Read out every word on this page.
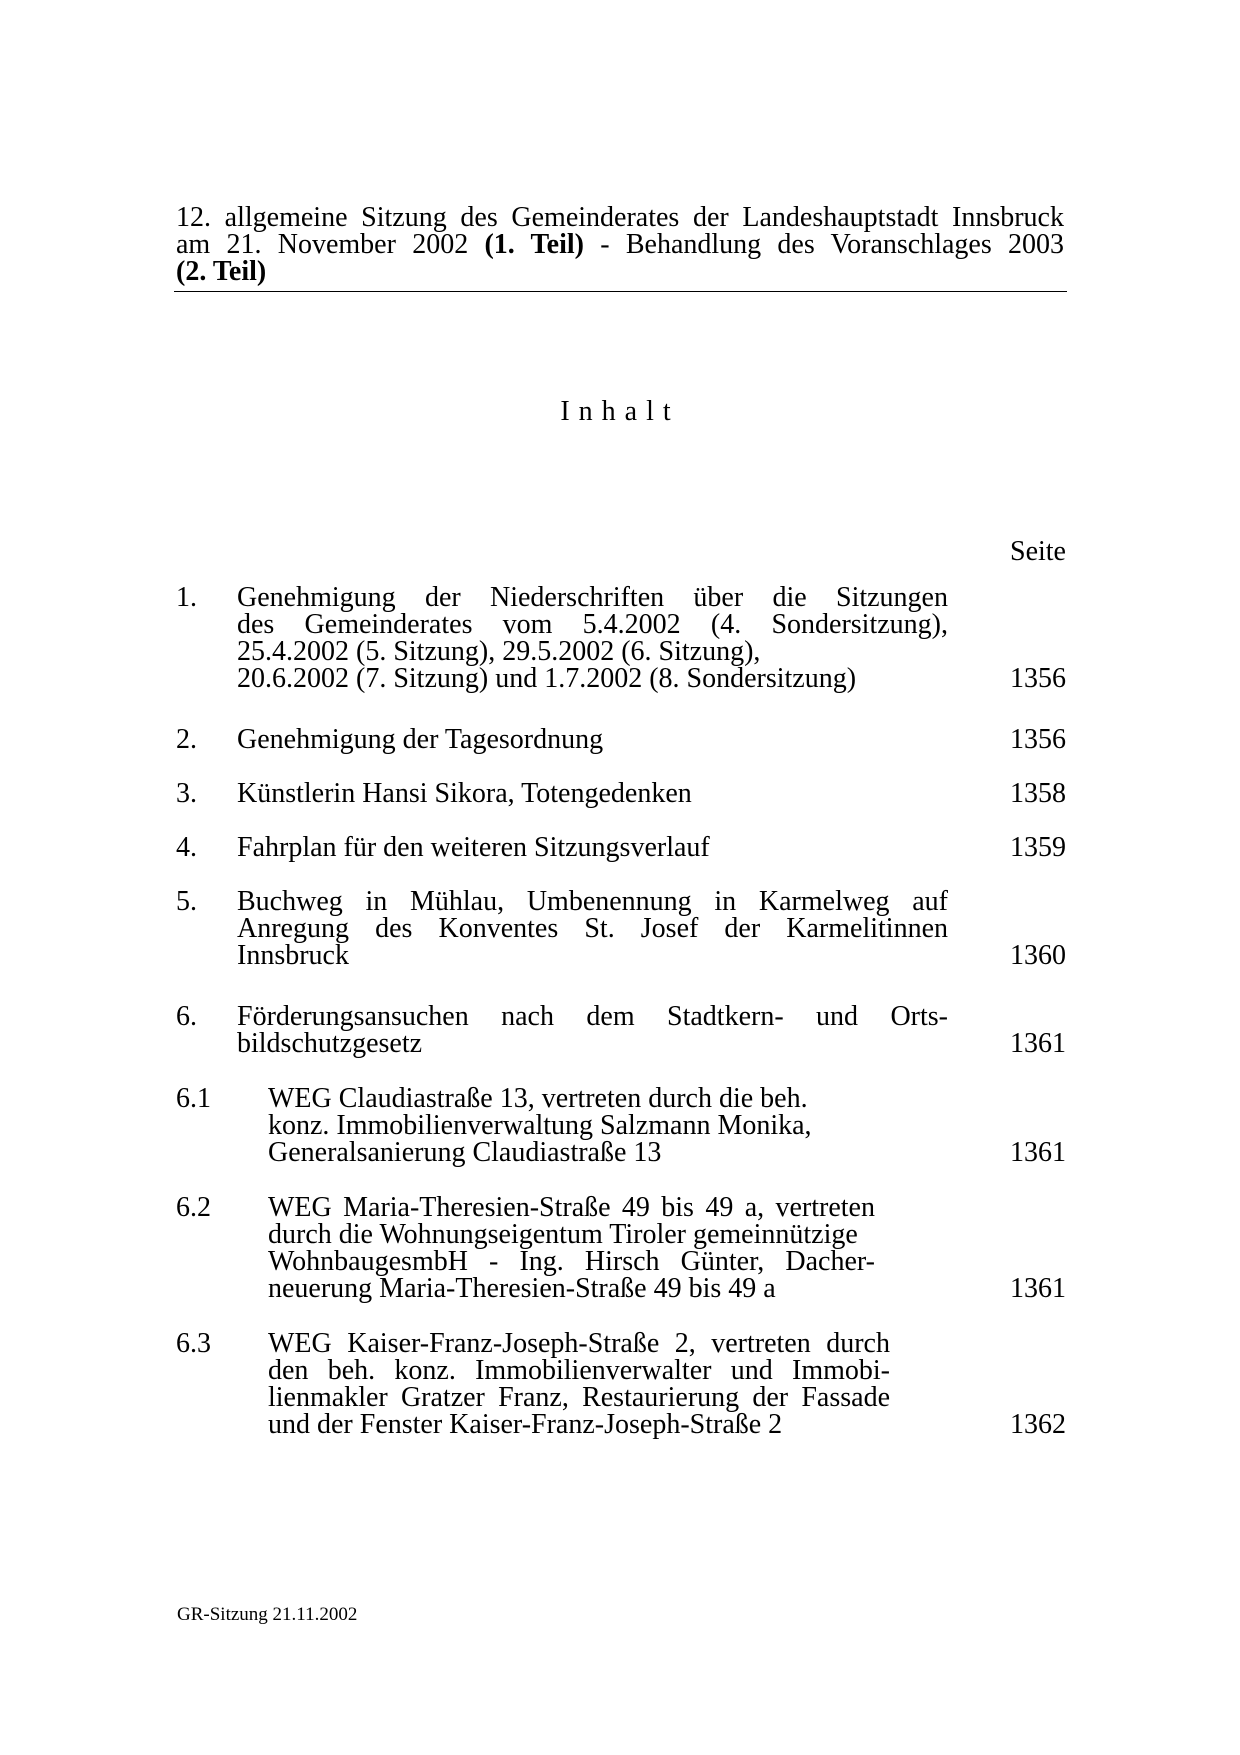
12. allgemeine Sitzung des Gemeinderates der Landeshauptstadt Innsbruck
am 21. November 2002 (1. Teil) - Behandlung des Voranschlages 2003
(2. Teil)
Inhalt
Seite
1. Genehmigung der Niederschriften über die Sitzungen
des Gemeinderates vom 5.4.2002 (4. Sondersitzung),
25.4.2002 (5. Sitzung), 29.5.2002 (6. Sitzung),
20.6.2002 (7. Sitzung) und 1.7.2002 (8. Sondersitzung)	1356
2. Genehmigung der Tagesordnung	1356
3. Künstlerin Hansi Sikora, Totengedenken	1358
4. Fahrplan für den weiteren Sitzungsverlauf	1359
5. Buchweg in Mühlau, Umbenennung in Karmelweg auf
Anregung des Konventes St. Josef der Karmelitinnen
Innsbruck	1360
6. Förderungsansuchen nach dem Stadtkern- und Orts-
bildschutzgesetz	1361
6.1 WEG Claudiastraße 13, vertreten durch die beh.
konz. Immobilienverwaltung Salzmann Monika,
Generalsanierung Claudiastraße 13	1361
6.2 WEG Maria-Theresien-Straße 49 bis 49 a, vertreten
durch die Wohnungseigentum Tiroler gemeinnützige
WohnbaugesmbH - Ing. Hirsch Günter, Dacher-
neuerung Maria-Theresien-Straße 49 bis 49 a	1361
6.3 WEG Kaiser-Franz-Joseph-Straße 2, vertreten durch
den beh. konz. Immobilienverwalter und Immobi-
lienmakler Gratzer Franz, Restaurierung der Fassade
und der Fenster Kaiser-Franz-Joseph-Straße 2	1362
GR-Sitzung 21.11.2002
